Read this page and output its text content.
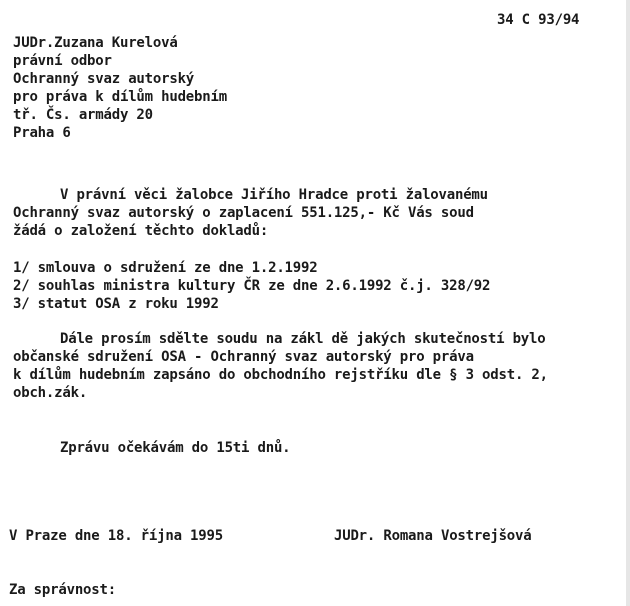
34 C 93/94
JUDr.Zuzana Kurelová
právní odbor
Ochranný svaz autorský
pro práva k dílům hudebním
tř. Čs. armády 20
Praha 6
V právní věci žalobce Jiřího Hradce proti žalovanému
Ochranný svaz autorský o zaplacení 551.125,- Kč Vás soud
žádá o založení těchto dokladů:
1/ smlouva o sdružení ze dne 1.2.1992
2/ souhlas ministra kultury ČR ze dne 2.6.1992 č.j. 328/92
3/ statut OSA z roku 1992
Dále prosím sdělte soudu na zákl dě jakých skutečností bylo
občanské sdružení OSA - Ochranný svaz autorský pro práva
k dílům hudebním zapsáno do obchodního rejstříku dle § 3 odst. 2,
obch.zák.
Zprávu očekávám do 15ti dnů.
V Praze dne 18. října 1995	JUDr. Romana Vostrejšová
Za správnost:
